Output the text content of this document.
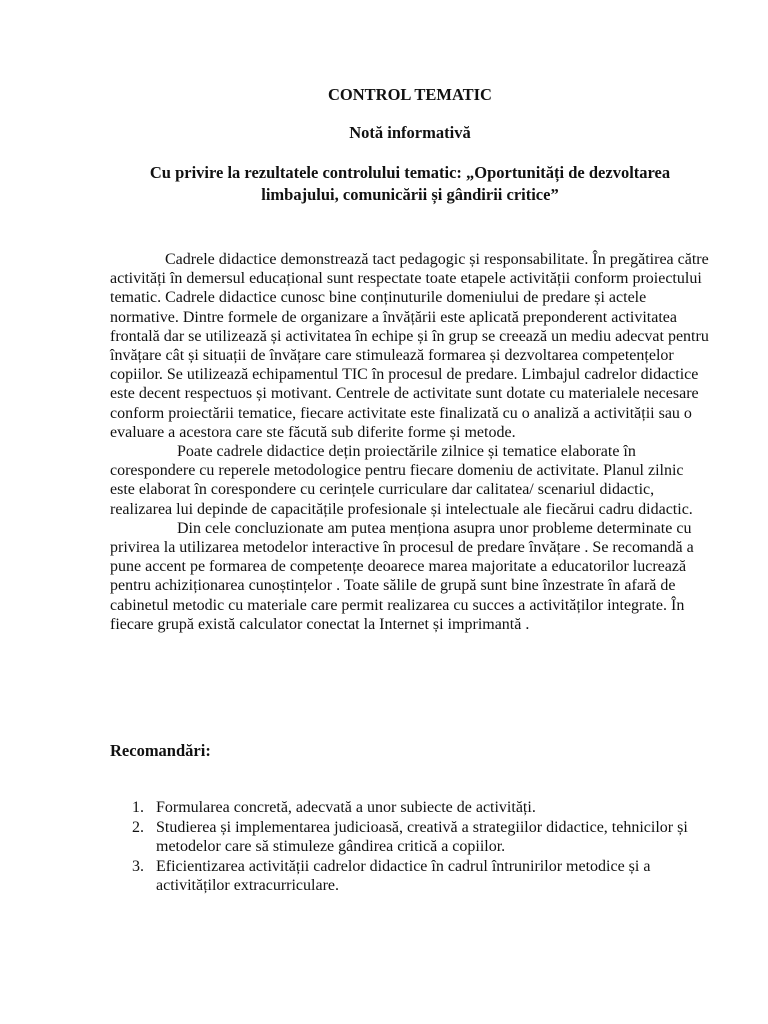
CONTROL TEMATIC
Notă informativă
Cu privire la rezultatele controlului tematic: „Oportunități de dezvoltarea
limbajului, comunicării și gândirii critice”

Cadrele didactice demonstrează tact pedagogic și responsabilitate. În pregătirea către activități în demersul educațional sunt respectate toate etapele activității conform proiectului tematic. Cadrele didactice cunosc bine conținuturile domeniului de predare și actele normative. Dintre formele de organizare a învățării este aplicată preponderent activitatea frontală dar se utilizează și activitatea în echipe și în grup se creează un mediu adecvat pentru învățare cât și situații de învățare care stimulează formarea și dezvoltarea competențelor copiilor. Se utilizează echipamentul TIC în procesul de predare. Limbajul cadrelor didactice este decent respectuos și motivant. Centrele de activitate sunt dotate cu materialele necesare conform proiectării tematice, fiecare activitate este finalizată cu o analiză a activității sau o evaluare a acestora care ste făcută sub diferite forme și metode.

Poate cadrele didactice dețin proiectările zilnice și tematice elaborate în corespondere cu reperele metodologice pentru fiecare domeniu de activitate. Planul zilnic este elaborat în corespondere cu cerințele curriculare dar calitatea/ scenariul didactic, realizarea lui depinde de capacitățile profesionale și intelectuale ale fiecărui cadru didactic.

Din cele concluzionate am putea menționa asupra unor probleme determinate cu privirea la utilizarea metodelor interactive în procesul de predare învățare . Se recomandă a pune accent pe formarea de competențe deoarece marea majoritate a educatorilor lucrează pentru achiziționarea cunoștințelor . Toate sălile de grupă sunt bine înzestrate în afară de cabinetul metodic cu materiale care permit realizarea cu succes a activităților integrate. În fiecare grupă există calculator conectat la Internet și imprimantă .

Recomandări:
1. Formularea concretă, adecvată a unor subiecte de activități.
2. Studierea și implementarea judicioasă, creativă a strategiilor didactice, tehnicilor și metodelor care să stimuleze gândirea critică a copiilor.
3. Eficientizarea activității cadrelor didactice în cadrul întrunirilor metodice și a activităților extracurriculare.
